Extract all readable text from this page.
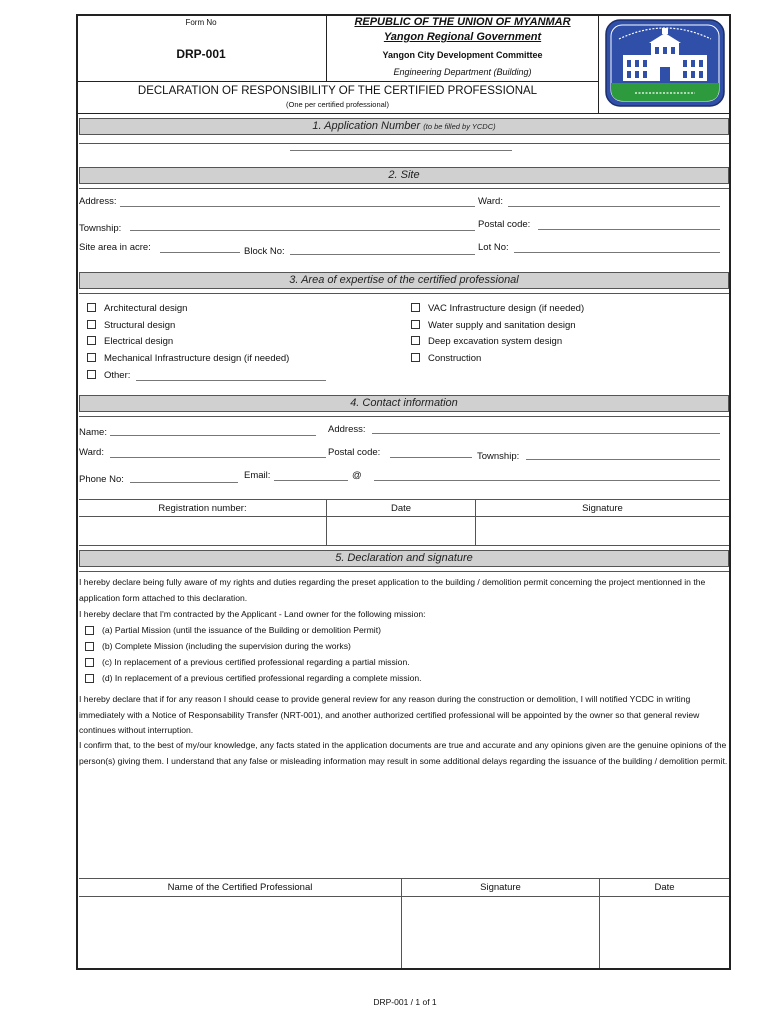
Form No
DRP-001
REPUBLIC OF THE UNION OF MYANMAR
Yangon Regional Government
Yangon City Development Committee
Engineering Department (Building)
DECLARATION OF RESPONSIBILITY OF THE CERTIFIED PROFESSIONAL
(One per certified professional)
1. Application Number (to be filled by YCDC)
2. Site
Address:	Ward:
Township:	Postal code:
Site area in acre:	Block No:	Lot No:
3. Area of expertise of the certified professional
Architectural design
Structural design
Electrical design
Mechanical Infrastructure design (if needed)
Other:
VAC Infrastructure design (if needed)
Water supply and sanitation design
Deep excavation system design
Construction
4. Contact information
Name:	Address:
Ward:	Postal code:	Township:
Phone No:	Email:	@
Registration number:	Date	Signature
5. Declaration and signature
I hereby declare being fully aware of my rights and duties regarding the preset application to the building / demolition permit concerning the project mentionned in the application form attached to this declaration.
I hereby declare that I'm contracted by the Applicant - Land owner for the following mission:
(a) Partial Mission (until the issuance of the Building or demolition Permit)
(b) Complete Mission (including the supervision during the works)
(c) In replacement of a previous certified professional regarding a partial mission.
(d) In replacement of a previous certified professional regarding a complete mission.
I hereby declare that if for any reason I should cease to provide general review for any reason during the construction or demolition, I will notified YCDC in writing immediately with a Notice of Responsability Transfer (NRT-001), and another authorized certified professional will be appointed by the owner so that general review continues without interruption.
I confirm that, to the best of my/our knowledge, any facts stated in the application documents are true and accurate and any opinions given are the genuine opinions of the person(s) giving them. I understand that any false or misleading information may result in some additional delays regarding the issuance of the building / demolition permit.
Name of the Certified Professional	Signature	Date
DRP-001 / 1 of 1
